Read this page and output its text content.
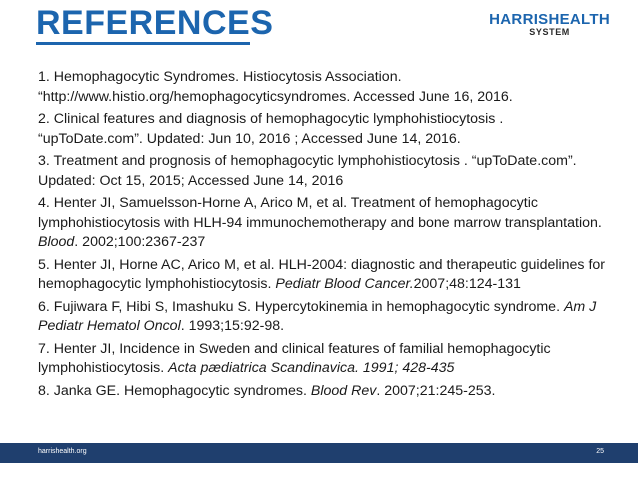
REFERENCES	HARRISHEALTH
SYSTEM
1. Hemophagocytic Syndromes. Histiocytosis Association. “http://www.histio.org/hemophagocyticsyndromes. Accessed June 16, 2016.
2. Clinical features and diagnosis of hemophagocytic lymphohistiocytosis . “upToDate.com”. Updated: Jun 10, 2016 ; Accessed June 14, 2016.
3. Treatment and prognosis of hemophagocytic lymphohistiocytosis . “upToDate.com”. Updated: Oct 15, 2015; Accessed June 14, 2016
4. Henter JI, Samuelsson-Horne A, Arico M, et al. Treatment of hemophagocytic lymphohistiocytosis with HLH-94 immunochemotherapy and bone marrow transplantation. Blood. 2002;100:2367-237
5. Henter JI, Horne AC, Arico M, et al. HLH-2004: diagnostic and therapeutic guidelines for hemophagocytic lymphohistiocytosis. Pediatr Blood Cancer.2007;48:124-131
6. Fujiwara F, Hibi S, Imashuku S. Hypercytokinemia in hemophagocytic syndrome. Am J Pediatr Hematol Oncol. 1993;15:92-98.
7. Henter JI, Incidence in Sweden and clinical features of familial hemophagocytic lymphohistiocytosis. Acta pædiatrica Scandinavica. 1991; 428-435
8. Janka GE. Hemophagocytic syndromes. Blood Rev. 2007;21:245-253.
harrishealth.org	25
